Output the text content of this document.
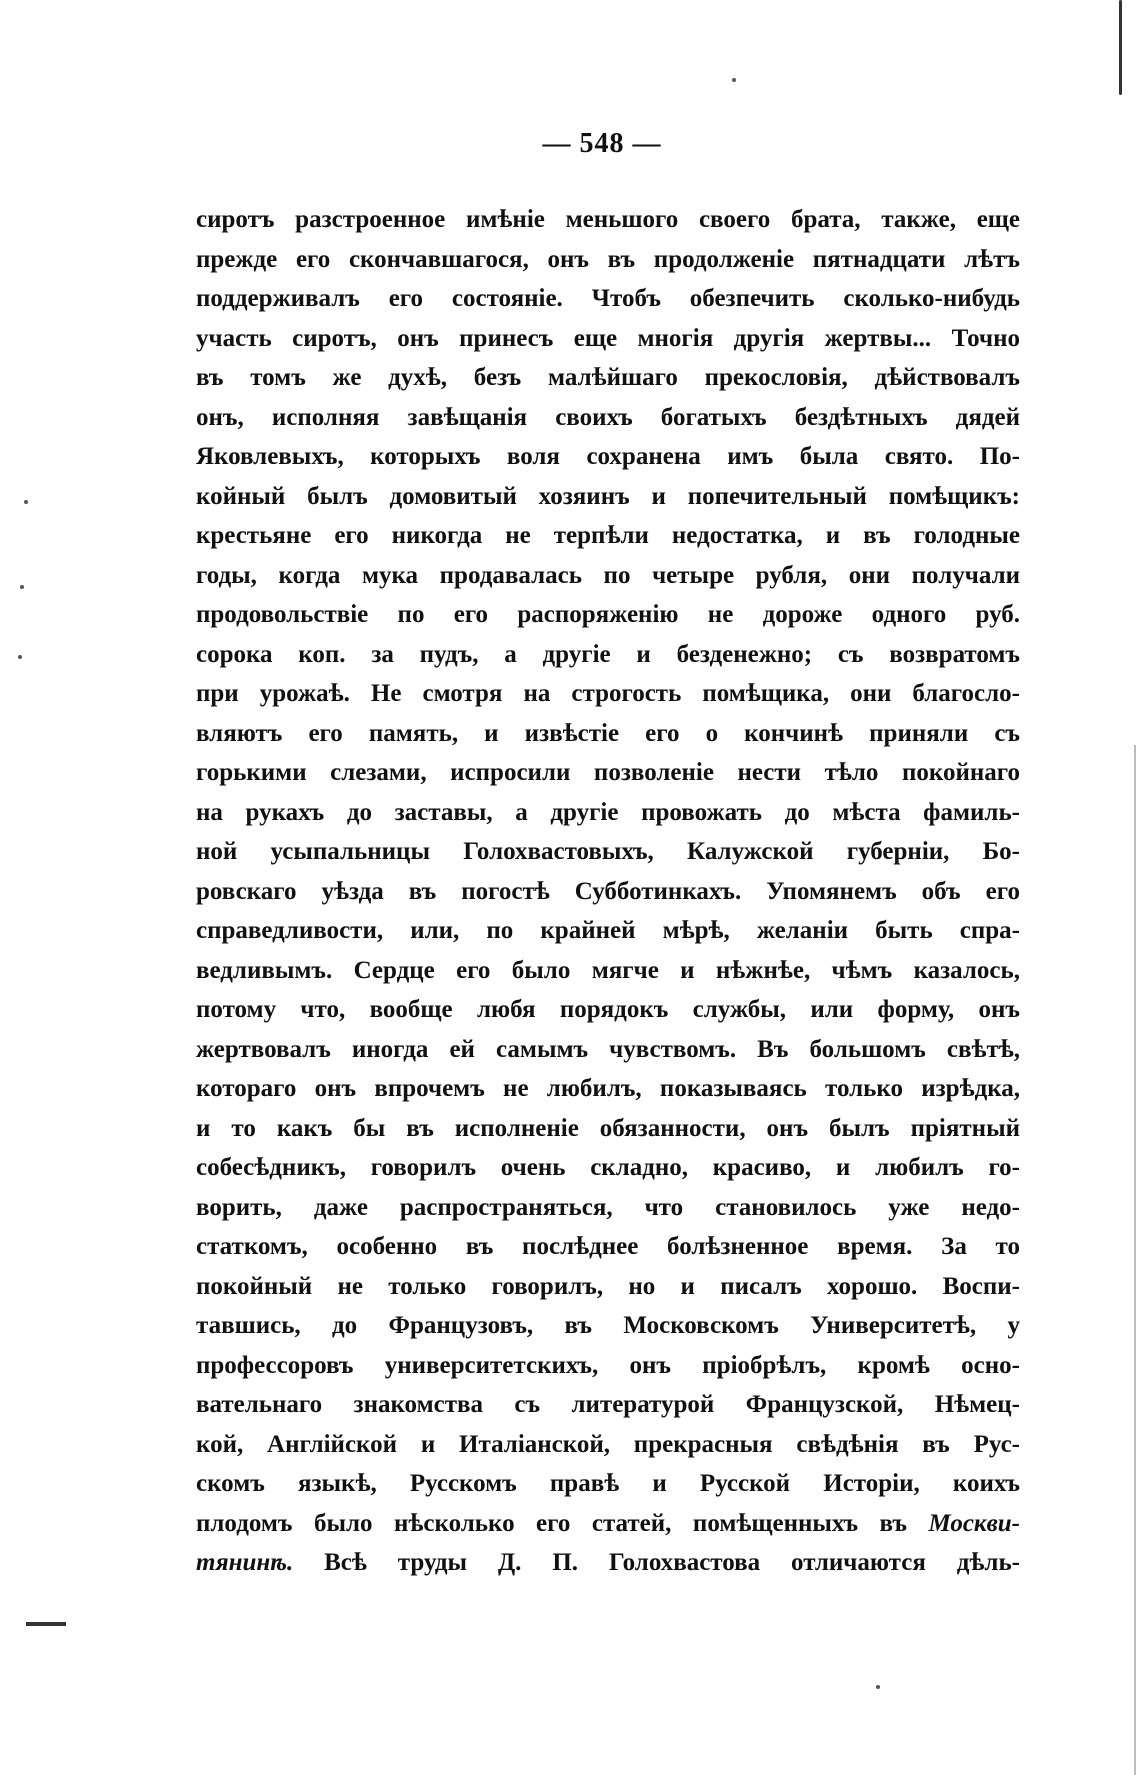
— 548 —
сиротъ разстроенное имѣніе меньшого своего брата, также, еще
прежде его скончавшагося, онъ въ продолженіе пятнадцати лѣтъ
поддерживалъ его состояніе. Чтобъ обезпечить сколько-нибудь
участь сиротъ, онъ принесъ еще многія другія жертвы... Точно
въ томъ же духѣ, безъ малѣйшаго прекословія, дѣйствовалъ
онъ, исполняя завѣщанія своихъ богатыхъ бездѣтныхъ дядей
Яковлевыхъ, которыхъ воля сохранена имъ была свято. По-
койный былъ домовитый хозяинъ и попечительный помѣщикъ:
крестьяне его никогда не терпѣли недостатка, и въ голодные
годы, когда мука продавалась по четыре рубля, они получали
продовольствіе по его распоряженію не дороже одного руб.
сорока коп. за пудъ, а другіе и безденежно; съ возвратомъ
при урожаѣ. Не смотря на строгость помѣщика, они благосло-
вляютъ его память, и извѣстіе его о кончинѣ приняли съ
горькими слезами, испросили позволеніе нести тѣло покойнаго
на рукахъ до заставы, а другіе провожать до мѣста фамиль-
ной усыпальницы Голохвастовыхъ, Калужской губерніи, Бо-
ровскаго уѣзда въ погостѣ Субботинкахъ. Упомянемъ объ его
справедливости, или, по крайней мѣрѣ, желаніи быть спра-
ведливымъ. Сердце его было мягче и нѣжнѣе, чѣмъ казалось,
потому что, вообще любя порядокъ службы, или форму, онъ
жертвовалъ иногда ей самымъ чувствомъ. Въ большомъ свѣтѣ,
котораго онъ впрочемъ не любилъ, показываясь только изрѣдка,
и то какъ бы въ исполненіе обязанности, онъ былъ пріятный
собесѣдникъ, говорилъ очень складно, красиво, и любилъ го-
ворить, даже распространяться, что становилось уже недо-
статкомъ, особенно въ послѣднее болѣзненное время. За то
покойный не только говорилъ, но и писалъ хорошо. Воспи-
тавшись, до Французовъ, въ Московскомъ Университетѣ, у
профессоровъ университетскихъ, онъ пріобрѣлъ, кромѣ осно-
вательнаго знакомства съ литературой Французской, Нѣмец-
кой, Англійской и Италіанской, прекрасныя свѣдѣнія въ Рус-
скомъ языкѣ, Русскомъ правѣ и Русской Исторіи, коихъ
плодомъ было нѣсколько его статей, помѣщенныхъ въ Москви-
тянинѣ. Всѣ труды Д. П. Голохвастова отличаются дѣль-
